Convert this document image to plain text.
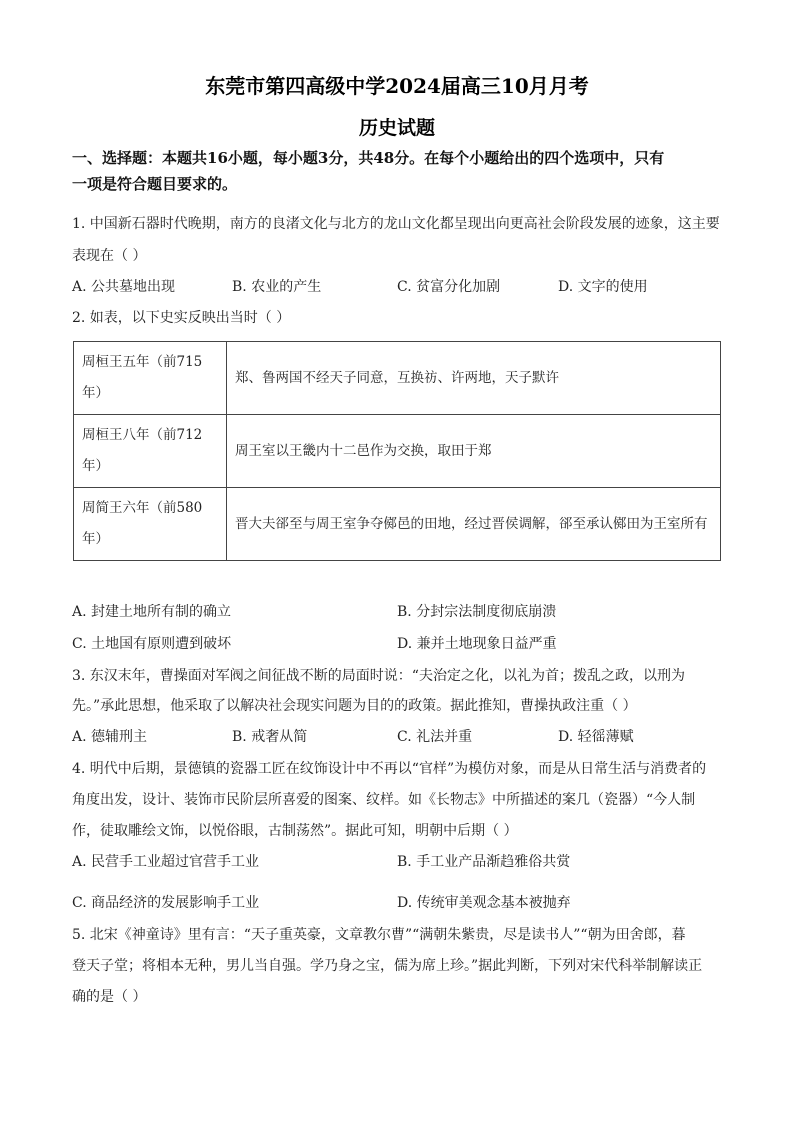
东莞市第四高级中学2024届高三10月月考
历史试题
一、选择题：本题共16小题，每小题3分，共48分。在每个小题给出的四个选项中，只有
一项是符合题目要求的。
1. 中国新石器时代晚期，南方的良渚文化与北方的龙山文化都呈现出向更高社会阶段发展的迹象，这主要
表现在（ ）
A. 公共墓地出现	B. 农业的产生	C. 贫富分化加剧	D. 文字的使用
2. 如表，以下史实反映出当时（ ）
周桓王五年（前715年）	郑、鲁两国不经天子同意，互换祊、许两地，天子默许
周桓王八年（前712年）	周王室以王畿内十二邑作为交换，取田于郑
周简王六年（前580年）	晋大夫郤至与周王室争夺鄇邑的田地，经过晋侯调解，郤至承认鄇田为王室所有
A. 封建土地所有制的确立	B. 分封宗法制度彻底崩溃
C. 土地国有原则遭到破坏	D. 兼并土地现象日益严重
3. 东汉末年，曹操面对军阀之间征战不断的局面时说：“夫治定之化，以礼为首；拨乱之政，以刑为
先。”承此思想，他采取了以解决社会现实问题为目的的政策。据此推知，曹操执政注重（ ）
A. 德辅刑主	B. 戒奢从简	C. 礼法并重	D. 轻徭薄赋
4. 明代中后期，景德镇的瓷器工匠在纹饰设计中不再以“官样”为模仿对象，而是从日常生活与消费者的
角度出发，设计、装饰市民阶层所喜爱的图案、纹样。如《长物志》中所描述的案几（瓷器）“今人制
作，徒取雕绘文饰，以悦俗眼，古制荡然”。据此可知，明朝中后期（ ）
A. 民营手工业超过官营手工业	B. 手工业产品渐趋雅俗共赏
C. 商品经济的发展影响手工业	D. 传统审美观念基本被抛弃
5. 北宋《神童诗》里有言：“天子重英豪，文章教尔曹”“满朝朱紫贵，尽是读书人”“朝为田舍郎，暮
登天子堂；将相本无种，男儿当自强。学乃身之宝，儒为席上珍。”据此判断，下列对宋代科举制解读正
确的是（ ）
